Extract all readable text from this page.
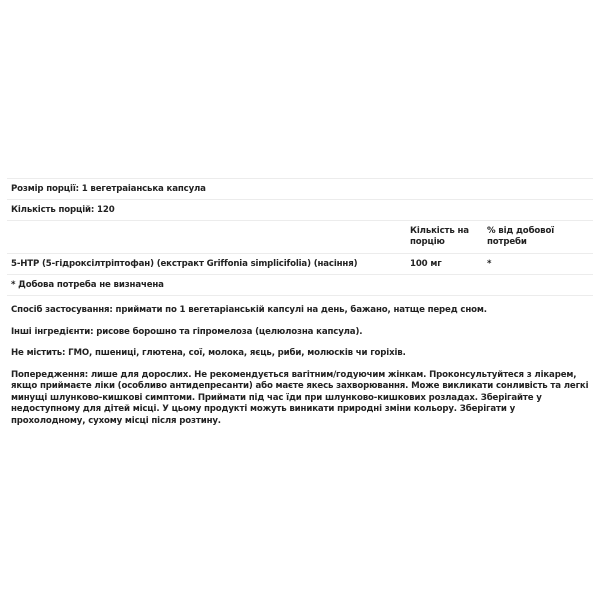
Розмір порції: 1 вегетраіанська капсула
Кількість порцій: 120
Кількість на
порцію
% від добової
потреби
5-HTP (5-гідроксілтріптофан) (екстракт Griffonia simplicifolia) (насіння)	100 мг	*
* Добова потреба не визначена

Спосіб застосування: приймати по 1 вегетаріанській капсулі на день, бажано, натще перед сном.

Інші інгредієнти: рисове борошно та гіпромелоза (целюлозна капсула).

Не містить: ГМО, пшениці, глютена, сої, молока, яєць, риби, молюсків чи горіхів.

Попередження: лише для дорослих. Не рекомендується вагітним/годуючим жінкам. Проконсультуйтеся з лікарем, якщо приймаєте ліки (особливо антидепресанти) або маєте якесь захворювання. Може викликати сонливість та легкі минущі шлунково-кишкові симптоми. Приймати під час їди при шлунково-кишкових розладах. Зберігайте у недоступному для дітей місці. У цьому продукті можуть виникати природні зміни кольору. Зберігати у прохолодному, сухому місці після розтину.
